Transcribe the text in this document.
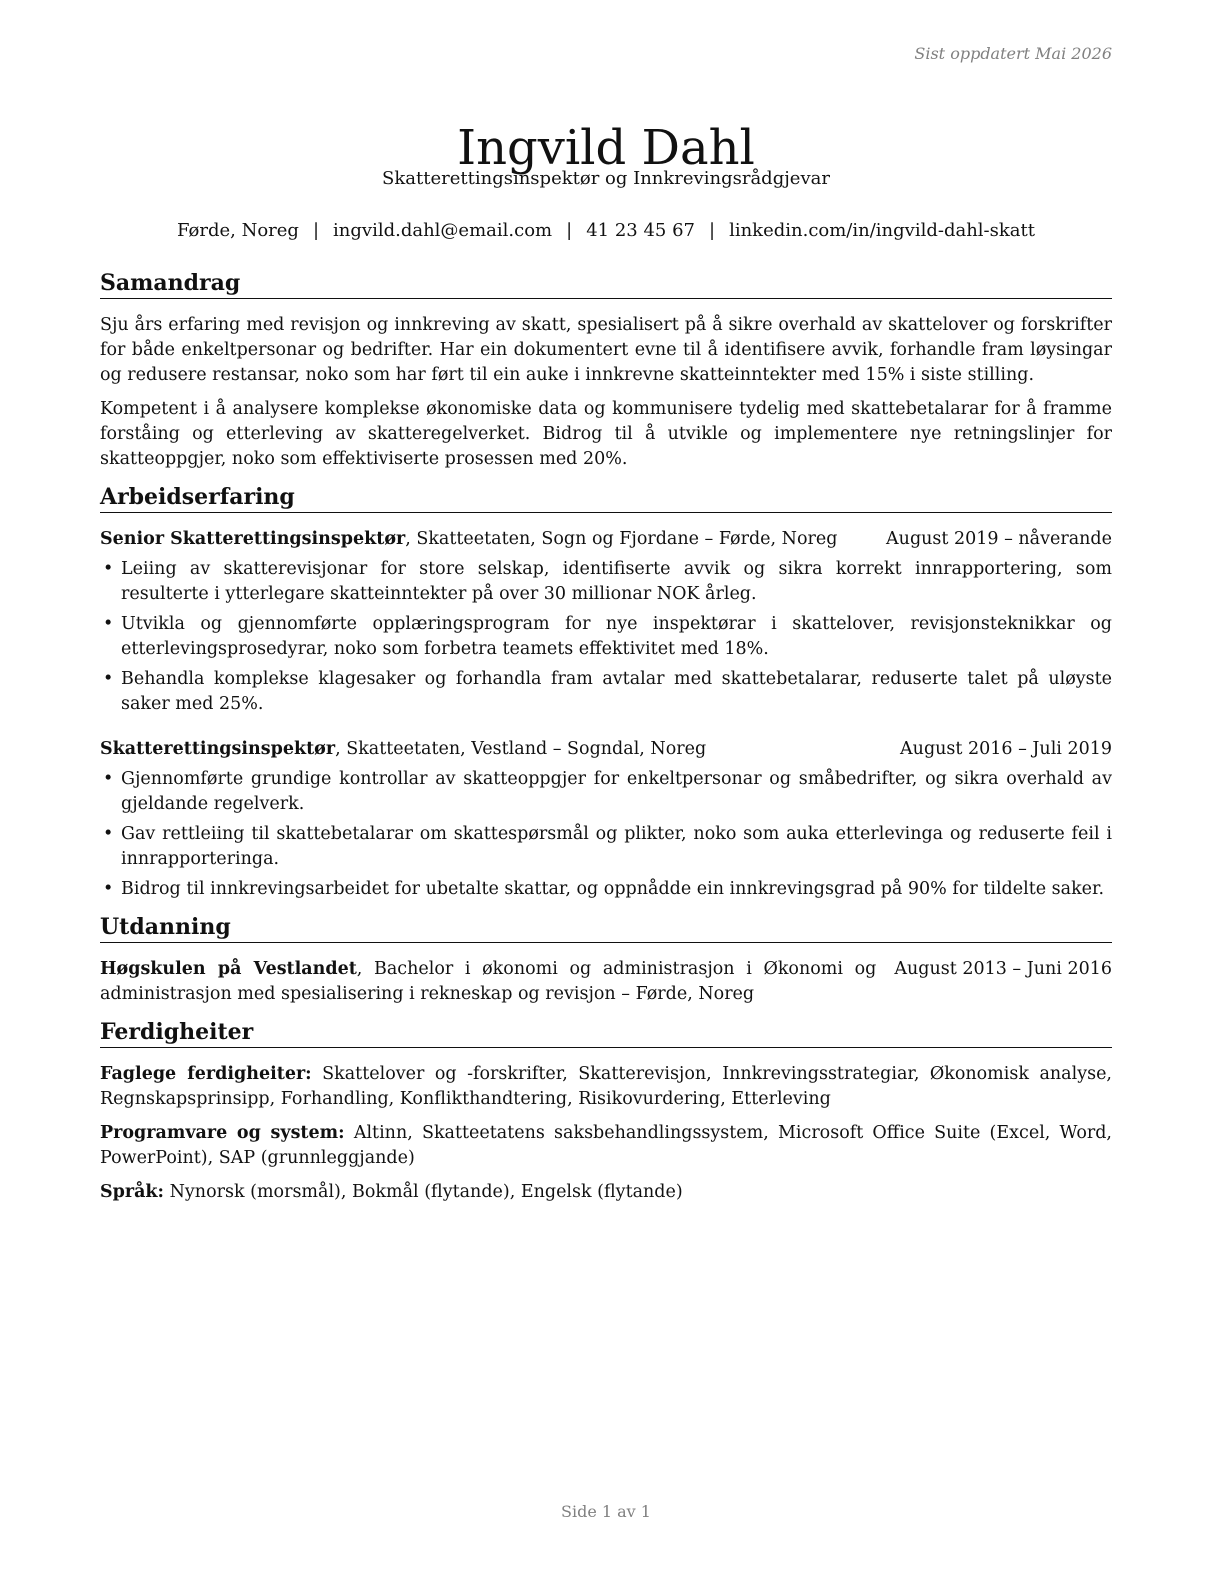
Sist oppdatert Mai 2026
Ingvild Dahl
Skatterettingsinspektør og Innkrevingsrådgjevar
Førde, Noreg | ingvild.dahl@email.com | 41 23 45 67 | linkedin.com/in/ingvild-dahl-skatt
Samandrag

Sju års erfaring med revisjon og innkreving av skatt, spesialisert på å sikre overhald av skattelover og forskrifter for både enkeltpersonar og bedrifter. Har ein dokumentert evne til å identifisere avvik, forhandle fram løysingar og redusere restansar, noko som har ført til ein auke i innkrevne skatteinntekter med 15% i siste stilling.

Kompetent i å analysere komplekse økonomiske data og kommunisere tydelig med skattebetalarar for å framme forståing og etterleving av skatteregelverket. Bidrog til å utvikle og implementere nye retningslinjer for skatteoppgjer, noko som effektiviserte prosessen med 20%.

Arbeidserfaring
Senior Skatterettingsinspektør, Skatteetaten, Sogn og Fjordane – Førde, Noreg	August 2019 – nåverande
• Leiing av skatterevisjonar for store selskap, identifiserte avvik og sikra korrekt innrapportering, som resulterte i ytterlegare skatteinntekter på over 30 millionar NOK årleg.
• Utvikla og gjennomførte opplæringsprogram for nye inspektørar i skattelover, revisjonsteknikkar og etterlevingsprosedyrar, noko som forbetra teamets effektivitet med 18%.
• Behandla komplekse klagesaker og forhandla fram avtalar med skattebetalarar, reduserte talet på uløyste saker med 25%.
Skatterettingsinspektør, Skatteetaten, Vestland – Sogndal, Noreg	August 2016 – Juli 2019
• Gjennomførte grundige kontrollar av skatteoppgjer for enkeltpersonar og småbedrifter, og sikra overhald av gjeldande regelverk.
• Gav rettleiing til skattebetalarar om skattespørsmål og plikter, noko som auka etterlevinga og reduserte feil i innrapporteringa.
• Bidrog til innkrevingsarbeidet for ubetalte skattar, og oppnådde ein innkrevingsgrad på 90% for tildelte saker.
Utdanning
Høgskulen på Vestlandet, Bachelor i økonomi og administrasjon i Økonomi og administrasjon med spesialisering i rekneskap og revisjon – Førde, Noreg
August 2013 – Juni 2016
Ferdigheiter

Faglege ferdigheiter: Skattelover og -forskrifter, Skatterevisjon, Innkrevingsstrategiar, Økonomisk analyse, Regnskapsprinsipp, Forhandling, Konflikthandtering, Risikovurdering, Etterleving

Programvare og system: Altinn, Skatteetatens saksbehandlingssystem, Microsoft Office Suite (Excel, Word, PowerPoint), SAP (grunnleggjande)

Språk: Nynorsk (morsmål), Bokmål (flytande), Engelsk (flytande)

Side 1 av 1
